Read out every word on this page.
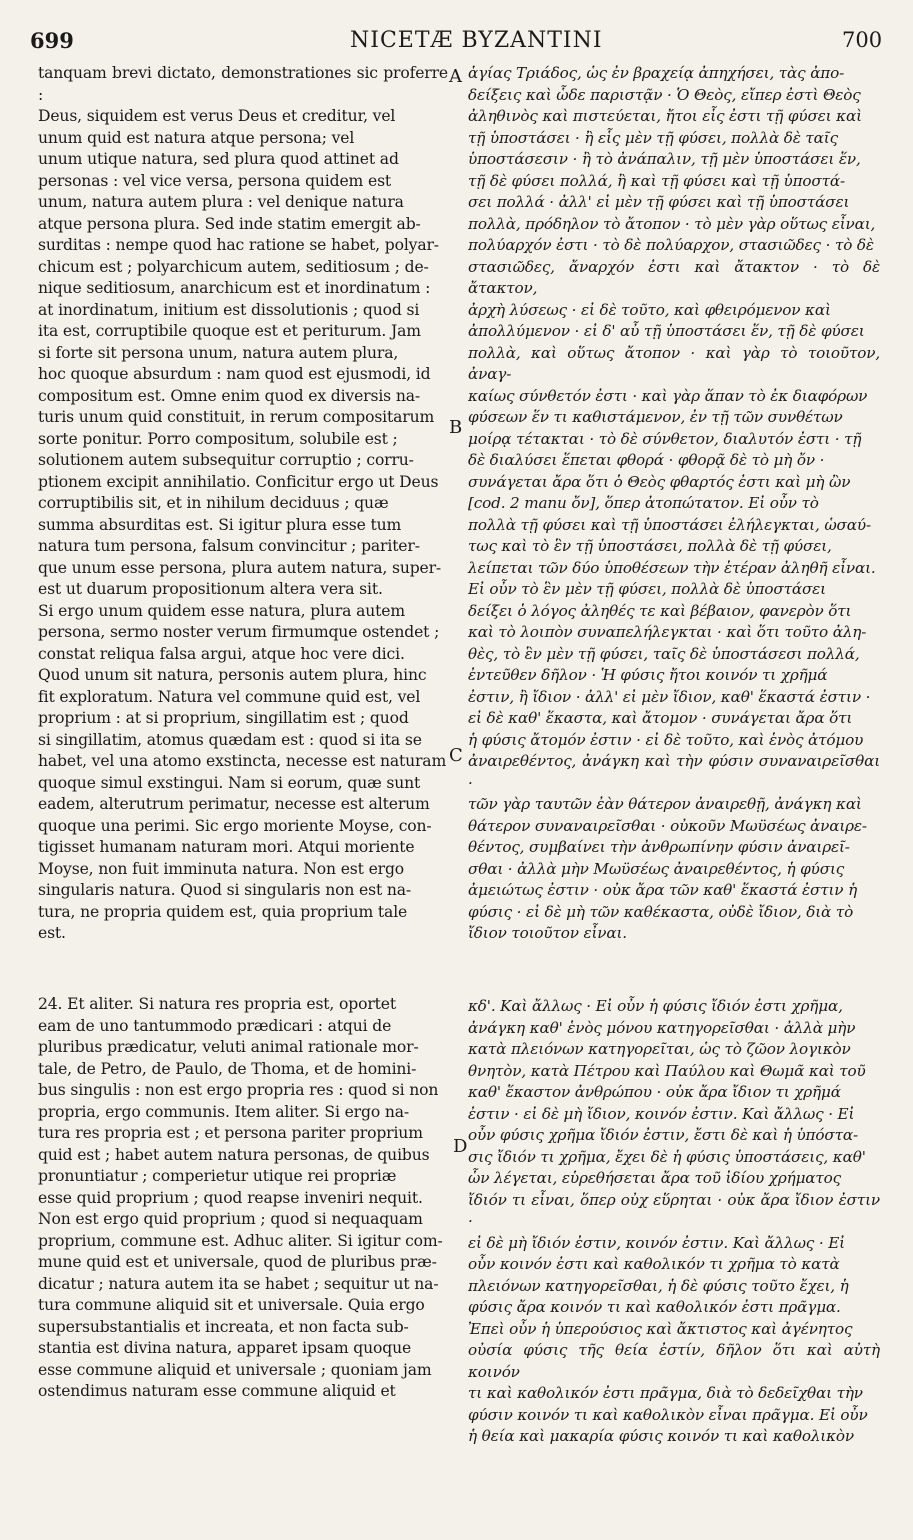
699	NICETÆ BYZANTINI	700

tanquam brevi dictato, demonstrationes sic proferre :
Deus, siquidem est verus Deus et creditur, vel
unum quid est natura atque persona; vel
unum utique natura, sed plura quod attinet ad
personas : vel vice versa, persona quidem est
unum, natura autem plura : vel denique natura
atque persona plura. Sed inde statim emergit ab-
surditas : nempe quod hac ratione se habet, polyar-
chicum est ; polyarchicum autem, seditiosum ; de-
nique seditiosum, anarchicum est et inordinatum :
at inordinatum, initium est dissolutionis ; quod si
ita est, corruptibile quoque est et periturum. Jam
si forte sit persona unum, natura autem plura,
hoc quoque absurdum : nam quod est ejusmodi, id
compositum est. Omne enim quod ex diversis na-
turis unum quid constituit, in rerum compositarum
sorte ponitur. Porro compositum, solubile est ;
solutionem autem subsequitur corruptio ; corru-
ptionem excipit annihilatio. Conficitur ergo ut Deus
corruptibilis sit, et in nihilum deciduus ; quæ
summa absurditas est. Si igitur plura esse tum
natura tum persona, falsum convincitur ; pariter-
que unum esse persona, plura autem natura, super-
est ut duarum propositionum altera vera sit.
Si ergo unum quidem esse natura, plura autem
persona, sermo noster verum firmumque ostendet ;
constat reliqua falsa argui, atque hoc vere dici.
Quod unum sit natura, personis autem plura, hinc
fit exploratum. Natura vel commune quid est, vel
proprium : at si proprium, singillatim est ; quod
si singillatim, atomus quædam est : quod si ita se
habet, vel una atomo exstincta, necesse est naturam
quoque simul exstingui. Nam si eorum, quæ sunt
eadem, alterutrum perimatur, necesse est alterum
quoque una perimi. Sic ergo moriente Moyse, con-
tigisset humanam naturam mori. Atqui moriente
Moyse, non fuit imminuta natura. Non est ergo
singularis natura. Quod si singularis non est na-
tura, ne propria quidem est, quia proprium tale
est.

24. Et aliter. Si natura res propria est, oportet
eam de uno tantummodo prædicari : atqui de
pluribus prædicatur, veluti animal rationale mor-
tale, de Petro, de Paulo, de Thoma, et de homini-
bus singulis : non est ergo propria res : quod si non
propria, ergo communis. Item aliter. Si ergo na-
tura res propria est ; et persona pariter proprium
quid est ; habet autem natura personas, de quibus
pronuntiatur ; comperietur utique rei propriæ
esse quid proprium ; quod reapse inveniri nequit.
Non est ergo quid proprium ; quod si nequaquam
proprium, commune est. Adhuc aliter. Si igitur com-
mune quid est et universale, quod de pluribus præ-
dicatur ; natura autem ita se habet ; sequitur ut na-
tura commune aliquid sit et universale. Quia ergo
supersubstantialis et increata, et non facta sub-
stantia est divina natura, apparet ipsam quoque
esse commune aliquid et universale ; quoniam jam
ostendimus naturam esse commune aliquid et

ἁγίας Τριάδος, ὡς ἐν βραχείᾳ ἀπηχήσει, τὰς ἀπο-
δείξεις καὶ ὧδε παριστᾷν · Ὁ Θεὸς, εἴπερ ἐστὶ Θεὸς
ἀληθινὸς καὶ πιστεύεται, ἤτοι εἷς ἐστι τῇ φύσει καὶ
τῇ ὑποστάσει · ἢ εἷς μὲν τῇ φύσει, πολλὰ δὲ ταῖς
ὑποστάσεσιν · ἢ τὸ ἀνάπαλιν, τῇ μὲν ὑποστάσει ἕν,
τῇ δὲ φύσει πολλά, ἢ καὶ τῇ φύσει καὶ τῇ ὑποστά-
σει πολλά · ἀλλ' εἰ μὲν τῇ φύσει καὶ τῇ ὑποστάσει
πολλὰ, πρόδηλον τὸ ἄτοπον · τὸ μὲν γὰρ οὕτως εἶναι,
πολύαρχόν ἐστι · τὸ δὲ πολύαρχον, στασιῶδες · τὸ δὲ
στασιῶδες, ἄναρχόν ἐστι καὶ ἄτακτον · τὸ δὲ ἄτακτον,
ἀρχὴ λύσεως · εἰ δὲ τοῦτο, καὶ φθειρόμενον καὶ
ἀπολλύμενον · εἰ δ' αὖ τῇ ὑποστάσει ἕν, τῇ δὲ φύσει
πολλὰ, καὶ οὕτως ἄτοπον · καὶ γὰρ τὸ τοιοῦτον, ἀναγ-
καίως σύνθετόν ἐστι · καὶ γὰρ ἅπαν τὸ ἐκ διαφόρων
φύσεων ἕν τι καθιστάμενον, ἐν τῇ τῶν συνθέτων
μοίρᾳ τέτακται · τὸ δὲ σύνθετον, διαλυτόν ἐστι · τῇ
δὲ διαλύσει ἕπεται φθορά · φθορᾷ δὲ τὸ μὴ ὄν ·
συνάγεται ἄρα ὅτι ὁ Θεὸς φθαρτός ἐστι καὶ μὴ ὢν
[cod. 2 manu ὄν], ὅπερ ἀτοπώτατον. Εἰ οὖν τὸ
πολλὰ τῇ φύσει καὶ τῇ ὑποστάσει ἐλήλεγκται, ὡσαύ-
τως καὶ τὸ ἓν τῇ ὑποστάσει, πολλὰ δὲ τῇ φύσει,
λείπεται τῶν δύο ὑποθέσεων τὴν ἑτέραν ἀληθῆ εἶναι.
Εἰ οὖν τὸ ἓν μὲν τῇ φύσει, πολλὰ δὲ ὑποστάσει
δείξει ὁ λόγος ἀληθές τε καὶ βέβαιον, φανερὸν ὅτι
καὶ τὸ λοιπὸν συναπελήλεγκται · καὶ ὅτι τοῦτο ἀλη-
θὲς, τὸ ἓν μὲν τῇ φύσει, ταῖς δὲ ὑποστάσεσι πολλά,
ἐντεῦθεν δῆλον · Ἡ φύσις ἤτοι κοινόν τι χρῆμά
ἐστιν, ἢ ἴδιον · ἀλλ' εἰ μὲν ἴδιον, καθ' ἕκαστά ἐστιν ·
εἰ δὲ καθ' ἕκαστα, καὶ ἄτομον · συνάγεται ἄρα ὅτι
ἡ φύσις ἄτομόν ἐστιν · εἰ δὲ τοῦτο, καὶ ἑνὸς ἀτόμου
ἀναιρεθέντος, ἀνάγκη καὶ τὴν φύσιν συναναιρεῖσθαι ·
τῶν γὰρ ταυτῶν ἐὰν θάτερον ἀναιρεθῇ, ἀνάγκη καὶ
θάτερον συναναιρεῖσθαι · οὐκοῦν Μωϋσέως ἀναιρε-
θέντος, συμβαίνει τὴν ἀνθρωπίνην φύσιν ἀναιρεῖ-
σθαι · ἀλλὰ μὴν Μωϋσέως ἀναιρεθέντος, ἡ φύσις
ἀμειώτως ἐστιν · οὐκ ἄρα τῶν καθ' ἕκαστά ἐστιν ἡ
φύσις · εἰ δὲ μὴ τῶν καθέκαστα, οὐδὲ ἴδιον, διὰ τὸ
ἴδιον τοιοῦτον εἶναι.

κδ'. Καὶ ἄλλως · Εἰ οὖν ἡ φύσις ἴδιόν ἐστι χρῆμα,
ἀνάγκη καθ' ἑνὸς μόνου κατηγορεῖσθαι · ἀλλὰ μὴν
κατὰ πλειόνων κατηγορεῖται, ὡς τὸ ζῶον λογικὸν
θνητὸν, κατὰ Πέτρου καὶ Παύλου καὶ Θωμᾶ καὶ τοῦ
καθ' ἕκαστον ἀνθρώπου · οὐκ ἄρα ἴδιον τι χρῆμά
ἐστιν · εἰ δὲ μὴ ἴδιον, κοινόν ἐστιν. Καὶ ἄλλως · Εἰ
οὖν φύσις χρῆμα ἴδιόν ἐστιν, ἔστι δὲ καὶ ἡ ὑπόστα-
σις ἴδιόν τι χρῆμα, ἔχει δὲ ἡ φύσις ὑποστάσεις, καθ'
ὧν λέγεται, εὑρεθήσεται ἄρα τοῦ ἰδίου χρήματος
ἴδιόν τι εἶναι, ὅπερ οὐχ εὕρηται · οὐκ ἄρα ἴδιον ἐστιν ·
εἰ δὲ μὴ ἴδιόν ἐστιν, κοινόν ἐστιν. Καὶ ἄλλως · Εἰ
οὖν κοινόν ἐστι καὶ καθολικόν τι χρῆμα τὸ κατὰ
πλειόνων κατηγορεῖσθαι, ἡ δὲ φύσις τοῦτο ἔχει, ἡ
φύσις ἄρα κοινόν τι καὶ καθολικόν ἐστι πρᾶγμα.
Ἐπεὶ οὖν ἡ ὑπερούσιος καὶ ἄκτιστος καὶ ἀγένητος
οὐσία φύσις τῆς θεία ἐστίν, δῆλον ὅτι καὶ αὐτὴ κοινόν
τι καὶ καθολικόν ἐστι πρᾶγμα, διὰ τὸ δεδεῖχθαι τὴν
φύσιν κοινόν τι καὶ καθολικὸν εἶναι πρᾶγμα. Εἰ οὖν
ἡ θεία καὶ μακαρία φύσις κοινόν τι καὶ καθολικὸν

A
B
C
D
